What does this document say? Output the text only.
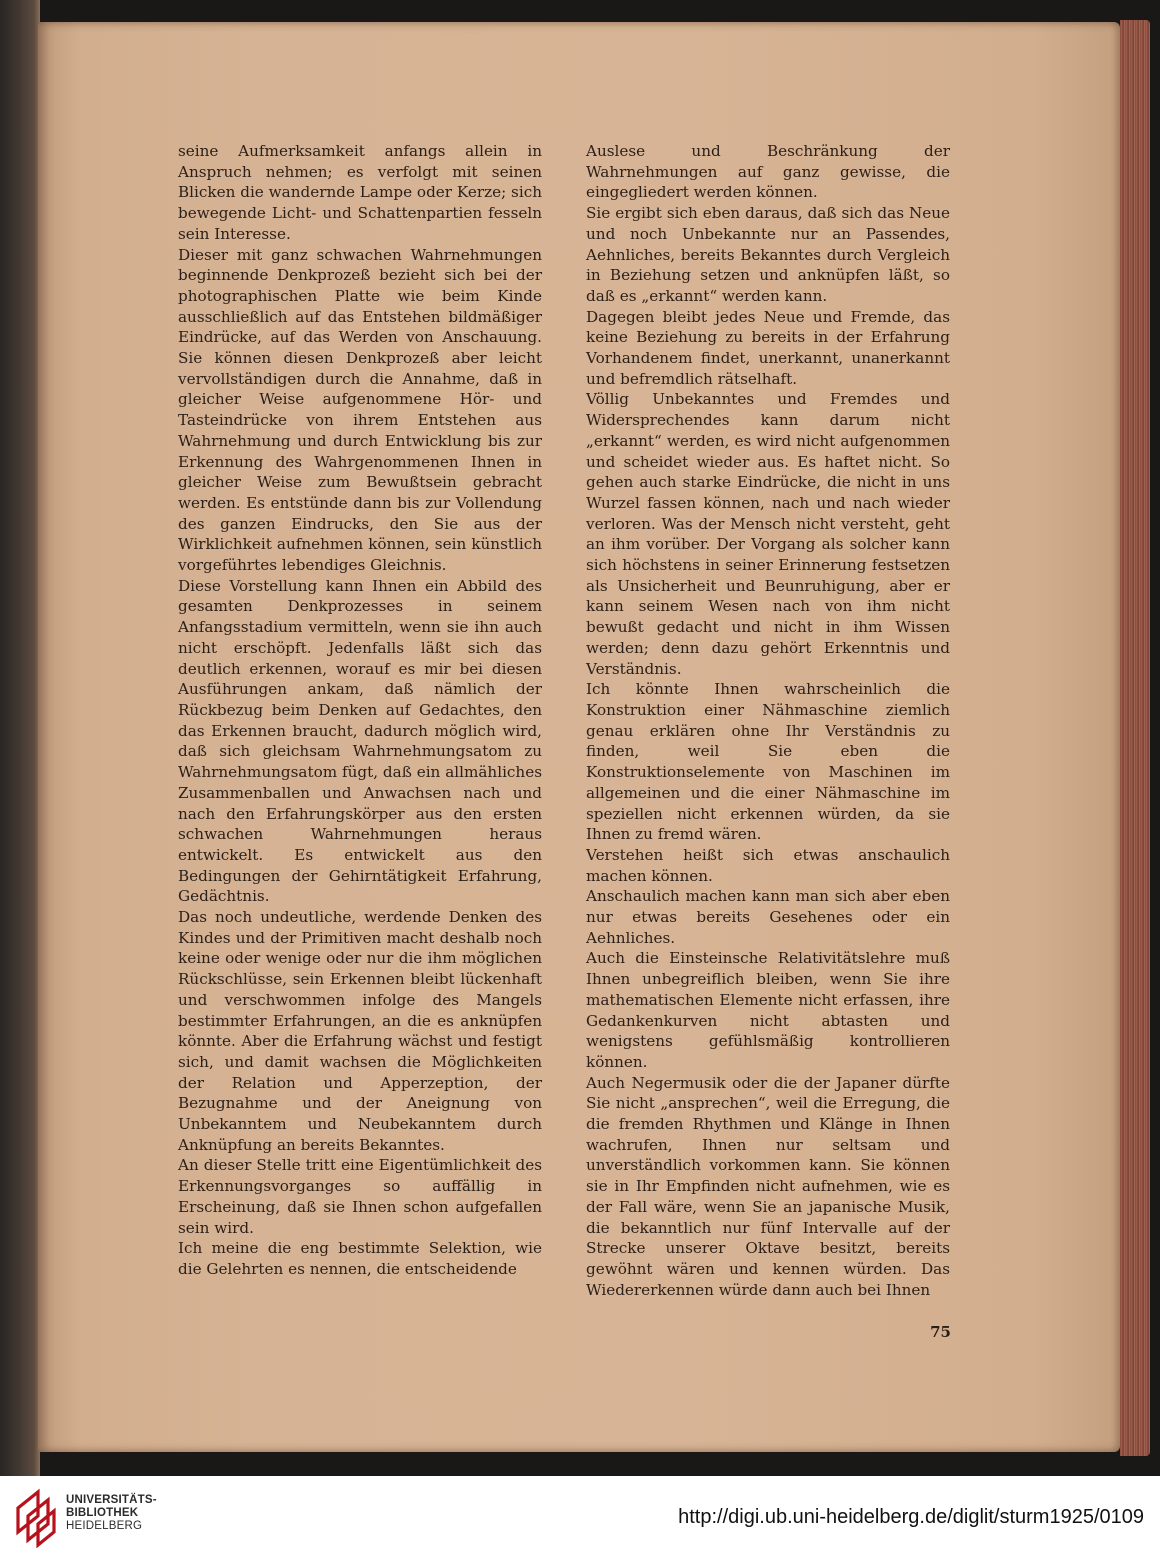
seine Aufmerksamkeit anfangs allein in Anspruch nehmen; es verfolgt mit seinen Blicken die wandernde Lampe oder Kerze; sich bewegende Licht- und Schattenpartien fesseln sein Interesse.

Dieser mit ganz schwachen Wahrnehmungen beginnende Denkprozeß bezieht sich bei der photographischen Platte wie beim Kinde ausschließlich auf das Entstehen bildmäßiger Eindrücke, auf das Werden von Anschauung. Sie können diesen Denkprozeß aber leicht vervollständigen durch die Annahme, daß in gleicher Weise aufgenommene Hör- und Tasteindrücke von ihrem Entstehen aus Wahrnehmung und durch Entwicklung bis zur Erkennung des Wahrgenommenen Ihnen in gleicher Weise zum Bewußtsein gebracht werden. Es entstünde dann bis zur Vollendung des ganzen Eindrucks, den Sie aus der Wirklichkeit aufnehmen können, sein künstlich vorgeführtes lebendiges Gleichnis.

Diese Vorstellung kann Ihnen ein Abbild des gesamten Denkprozesses in seinem Anfangsstadium vermitteln, wenn sie ihn auch nicht erschöpft. Jedenfalls läßt sich das deutlich erkennen, worauf es mir bei diesen Ausführungen ankam, daß nämlich der Rückbezug beim Denken auf Gedachtes, den das Erkennen braucht, dadurch möglich wird, daß sich gleichsam Wahrnehmungsatom zu Wahrnehmungsatom fügt, daß ein allmähliches Zusammenballen und Anwachsen nach und nach den Erfahrungskörper aus den ersten schwachen Wahrnehmungen heraus entwickelt. Es entwickelt aus den Bedingungen der Gehirntätigkeit Erfahrung, Gedächtnis.

Das noch undeutliche, werdende Denken des Kindes und der Primitiven macht deshalb noch keine oder wenige oder nur die ihm möglichen Rückschlüsse, sein Erkennen bleibt lückenhaft und verschwommen infolge des Mangels bestimmter Erfahrungen, an die es anknüpfen könnte. Aber die Erfahrung wächst und festigt sich, und damit wachsen die Möglichkeiten der Relation und Apperzeption, der Bezugnahme und der Aneignung von Unbekanntem und Neubekanntem durch Anknüpfung an bereits Bekanntes.

An dieser Stelle tritt eine Eigentümlichkeit des Erkennungsvorganges so auffällig in Erscheinung, daß sie Ihnen schon aufgefallen sein wird.

Ich meine die eng bestimmte Selektion, wie die Gelehrten es nennen, die entscheidende

Auslese und Beschränkung der Wahrnehmungen auf ganz gewisse, die eingegliedert werden können.

Sie ergibt sich eben daraus, daß sich das Neue und noch Unbekannte nur an Passendes, Aehnliches, bereits Bekanntes durch Vergleich in Beziehung setzen und anknüpfen läßt, so daß es „erkannt“ werden kann.

Dagegen bleibt jedes Neue und Fremde, das keine Beziehung zu bereits in der Erfahrung Vorhandenem findet, unerkannt, unanerkannt und befremdlich rätselhaft.

Völlig Unbekanntes und Fremdes und Widersprechendes kann darum nicht „erkannt“ werden, es wird nicht aufgenommen und scheidet wieder aus. Es haftet nicht. So gehen auch starke Eindrücke, die nicht in uns Wurzel fassen können, nach und nach wieder verloren. Was der Mensch nicht versteht, geht an ihm vorüber. Der Vorgang als solcher kann sich höchstens in seiner Erinnerung festsetzen als Unsicherheit und Beunruhigung, aber er kann seinem Wesen nach von ihm nicht bewußt gedacht und nicht in ihm Wissen werden; denn dazu gehört Erkenntnis und Verständnis.

Ich könnte Ihnen wahrscheinlich die Konstruktion einer Nähmaschine ziemlich genau erklären ohne Ihr Verständnis zu finden, weil Sie eben die Konstruktionselemente von Maschinen im allgemeinen und die einer Nähmaschine im speziellen nicht erkennen würden, da sie Ihnen zu fremd wären.

Verstehen heißt sich etwas anschaulich machen können.

Anschaulich machen kann man sich aber eben nur etwas bereits Gesehenes oder ein Aehnliches.

Auch die Einsteinsche Relativitätslehre muß Ihnen unbegreiflich bleiben, wenn Sie ihre mathematischen Elemente nicht erfassen, ihre Gedankenkurven nicht abtasten und wenigstens gefühlsmäßig kontrollieren können.

Auch Negermusik oder die der Japaner dürfte Sie nicht „ansprechen“, weil die Erregung, die die fremden Rhythmen und Klänge in Ihnen wachrufen, Ihnen nur seltsam und unverständlich vorkommen kann. Sie können sie in Ihr Empfinden nicht aufnehmen, wie es der Fall wäre, wenn Sie an japanische Musik, die bekanntlich nur fünf Intervalle auf der Strecke unserer Oktave besitzt, bereits gewöhnt wären und kennen würden. Das Wiedererkennen würde dann auch bei Ihnen

75
UNIVERSITÄTS-
BIBLIOTHEK
HEIDELBERG	http://digi.ub.uni-heidelberg.de/diglit/sturm1925/0109
